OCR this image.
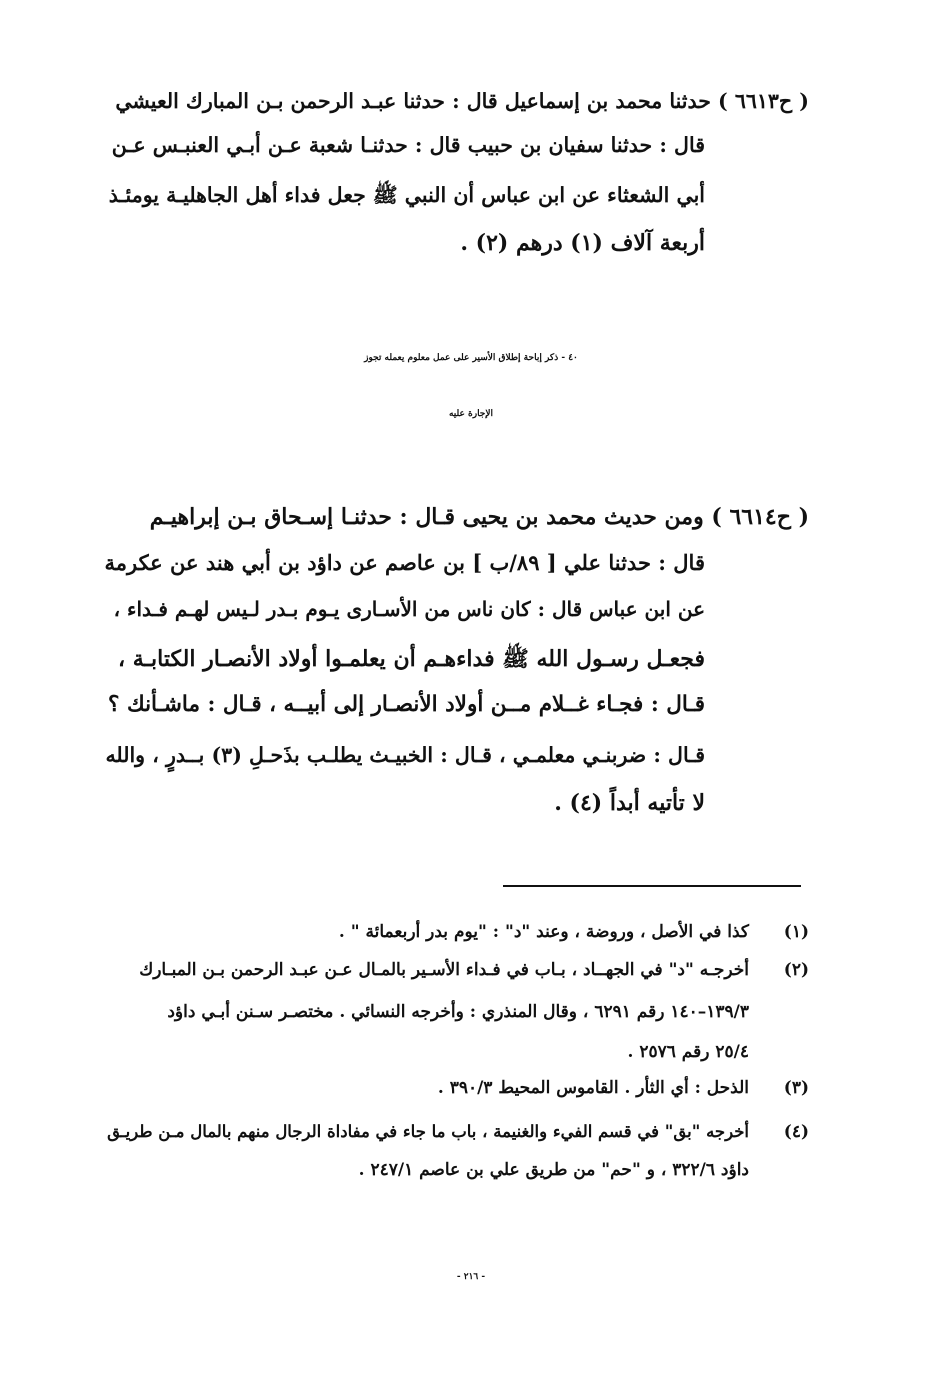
( ح٦٦١٣ ) حدثنا محمد بن إسماعيل قال : حدثنا عبـد الرحمن بـن المبارك العيشي
قال : حدثنا سفيان بن حبيب قال : حدثنـا شعبة عـن أبـي العنبـس عـن
أبي الشعثاء عن ابن عباس أن النبي ﷺ جعل فداء أهل الجاهليـة يومئـذ
أربعة آلاف (١) درهم (٢) .
٤٠ - ذكر إباحة إطلاق الأسير على عمل معلوم يعمله تجوز
الإجارة عليه
( ح٦٦١٤ ) ومن حديث محمد بن يحيى قـال : حدثنـا إسـحاق بـن إبراهيـم
قال : حدثنا علي [ ٨٩/ب ] بن عاصم عن داؤد بن أبي هند عن عكرمة
عن ابن عباس قال : كان ناس من الأسـارى يـوم بـدر لـيس لهـم فـداء ،
فجعـل رسـول الله ﷺ فداءهـم أن يعلمـوا أولاد الأنصـار الكتابـة ،
قـال : فجـاء غــلام مــن أولاد الأنصـار إلى أبيــه ، قـال : ماشـأنك ؟
قـال : ضربنـي معلمـي ، قـال : الخبيـث يطلـب بذَحـلِ (٣) بــدرٍ ، والله
لا تأتيه أبداً (٤) .
(١)
كذا في الأصل ، وروضة ، وعند "د" : "يوم بدر أربعمائة " .
(٢)
أخرجـه "د" في الجهــاد ، بـاب في فـداء الأسـير بالمـال عـن عبـد الرحمن بـن المبـارك
١٣٩/٣–١٤٠ رقم ٦٢٩١ ، وقال المنذري : وأخرجه النسائي . مختصـر سـنن أبـي داؤد
٢٥/٤ رقم ٢٥٧٦ .
(٣)
الذحل : أي الثأر . القاموس المحيط ٣٩٠/٣ .
(٤)
أخرجه "بق" في قسم الفيء والغنيمة ، باب ما جاء في مفاداة الرجال منهم بالمال مـن طريـق
داؤد ٣٢٢/٦ ، و "حم" من طريق علي بن عاصم ٢٤٧/١ .
- ٢١٦ -
